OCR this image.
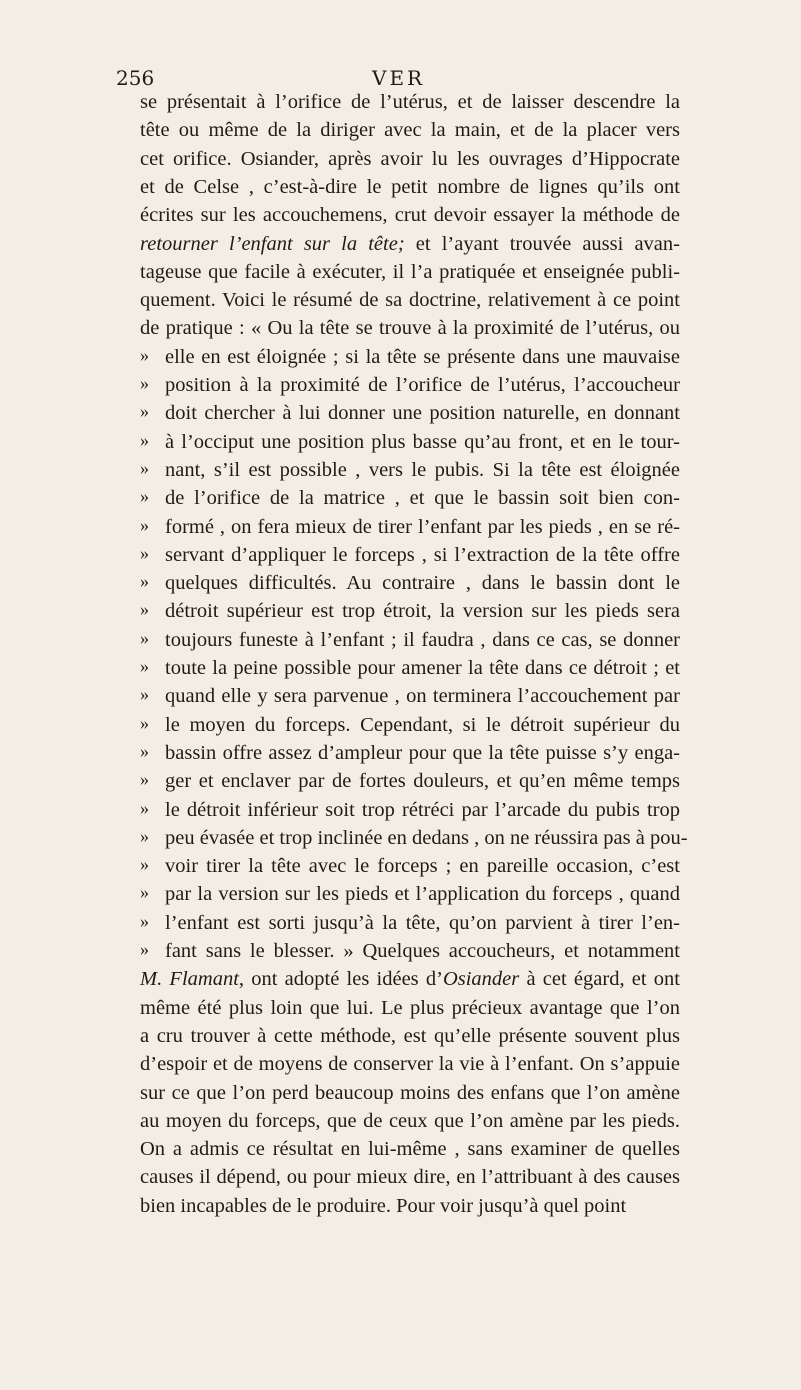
256	VER
se présentait à l’orifice de l’utérus, et de laisser descendre la
tête ou même de la diriger avec la main, et de la placer vers
cet orifice. Osiander, après avoir lu les ouvrages d’Hippocrate
et de Celse , c’est-à-dire le petit nombre de lignes qu’ils ont
écrites sur les accouchemens, crut devoir essayer la méthode de
retourner l’enfant sur la tête; et l’ayant trouvée aussi avan-
tageuse que facile à exécuter, il l’a pratiquée et enseignée publi-
quement. Voici le résumé de sa doctrine, relativement à ce point
de pratique : « Ou la tête se trouve à la proximité de l’utérus, ou
» elle en est éloignée ; si la tête se présente dans une mauvaise
» position à la proximité de l’orifice de l’utérus, l’accoucheur
» doit chercher à lui donner une position naturelle, en donnant
» à l’occiput une position plus basse qu’au front, et en le tour-
» nant, s’il est possible , vers le pubis. Si la tête est éloignée
» de l’orifice de la matrice , et que le bassin soit bien con-
» formé , on fera mieux de tirer l’enfant par les pieds , en se ré-
» servant d’appliquer le forceps , si l’extraction de la tête offre
» quelques difficultés. Au contraire , dans le bassin dont le
» détroit supérieur est trop étroit, la version sur les pieds sera
» toujours funeste à l’enfant ; il faudra , dans ce cas, se donner
» toute la peine possible pour amener la tête dans ce détroit ; et
» quand elle y sera parvenue , on terminera l’accouchement par
» le moyen du forceps. Cependant, si le détroit supérieur du
» bassin offre assez d’ampleur pour que la tête puisse s’y enga-
» ger et enclaver par de fortes douleurs, et qu’en même temps
» le détroit inférieur soit trop rétréci par l’arcade du pubis trop
» peu évasée et trop inclinée en dedans , on ne réussira pas à pou-
» voir tirer la tête avec le forceps ; en pareille occasion, c’est
» par la version sur les pieds et l’application du forceps , quand
» l’enfant est sorti jusqu’à la tête, qu’on parvient à tirer l’en-
» fant sans le blesser. » Quelques accoucheurs, et notamment
M. Flamant, ont adopté les idées d’Osiander à cet égard, et ont
même été plus loin que lui. Le plus précieux avantage que l’on
a cru trouver à cette méthode, est qu’elle présente souvent plus
d’espoir et de moyens de conserver la vie à l’enfant. On s’appuie
sur ce que l’on perd beaucoup moins des enfans que l’on amène
au moyen du forceps, que de ceux que l’on amène par les pieds.
On a admis ce résultat en lui-même , sans examiner de quelles
causes il dépend, ou pour mieux dire, en l’attribuant à des causes
bien incapables de le produire. Pour voir jusqu’à quel point
